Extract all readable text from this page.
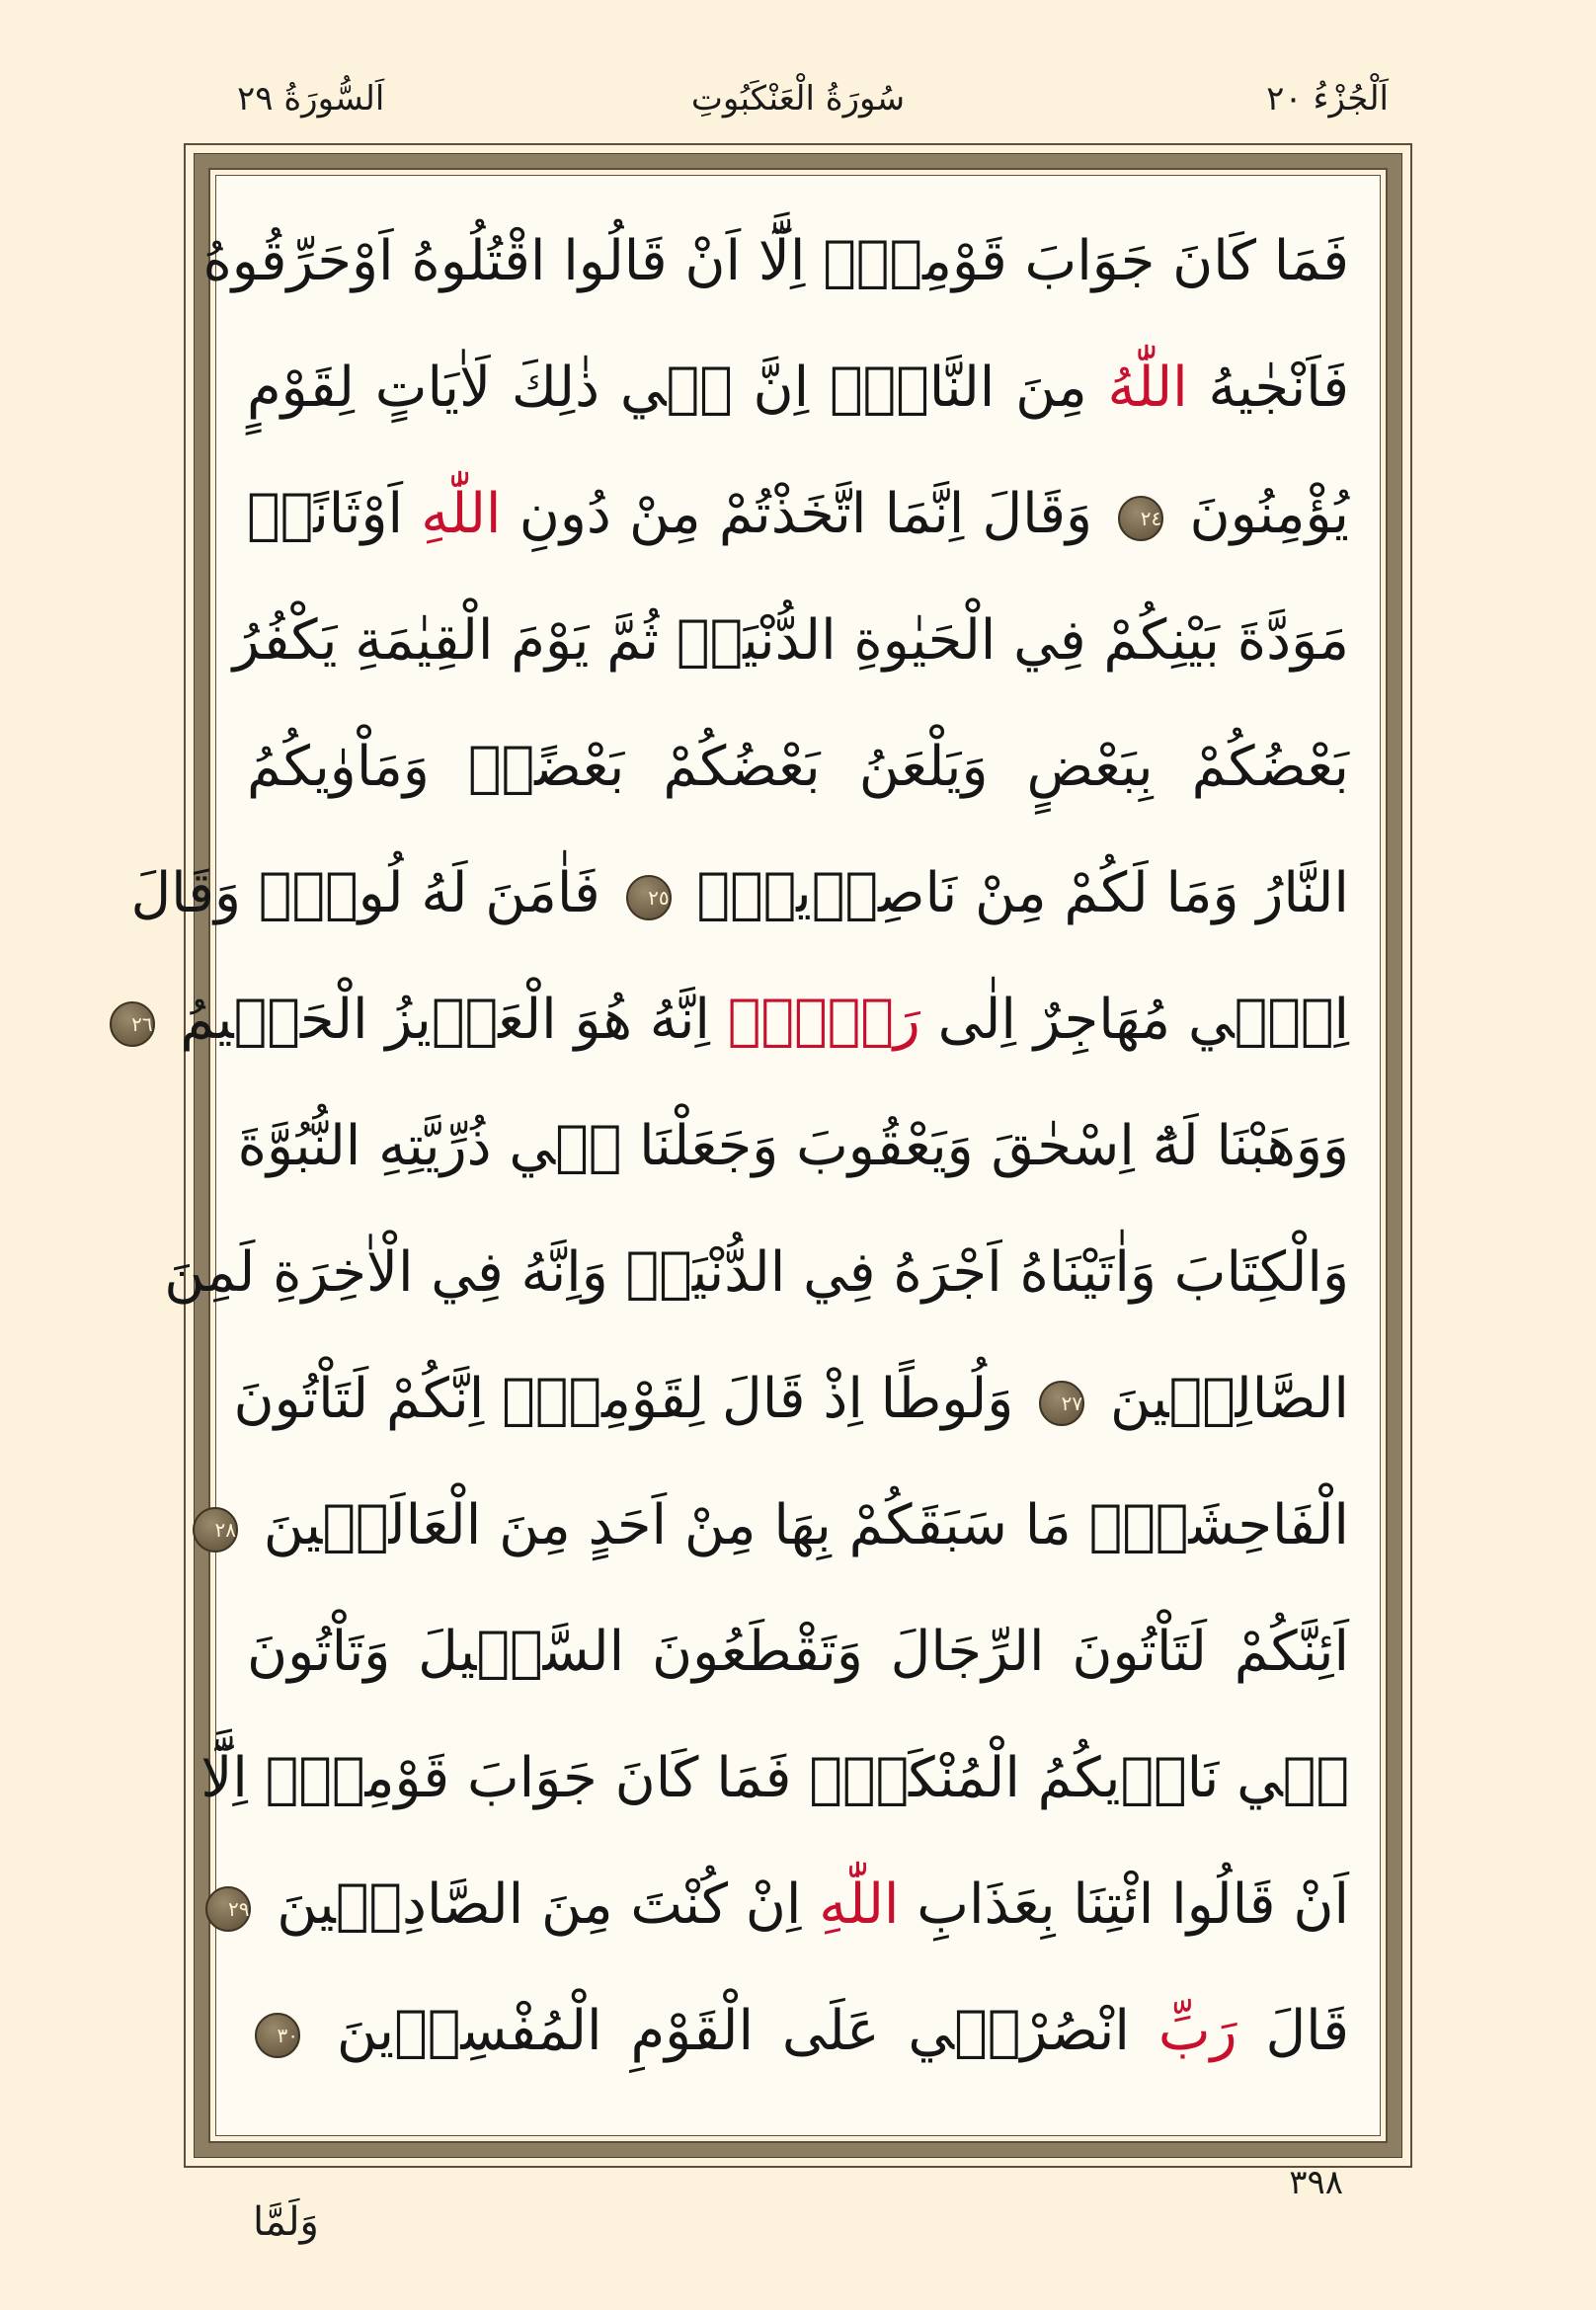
اَلْجُزْءُ ٢٠
سُورَةُ الْعَنْكَبُوتِ
اَلسُّورَةُ ٢٩
فَمَا كَانَ جَوَابَ قَوْمِهٖٓ اِلَّٓا اَنْ قَالُوا اقْتُلُوهُ اَوْحَرِّقُوهُ
فَاَنْجٰيهُ اللّٰهُ مِنَ النَّارِۜ اِنَّ فٖي ذٰلِكَ لَاٰيَاتٍ لِقَوْمٍ
يُؤْمِنُونَ ٢٤ وَقَالَ اِنَّمَا اتَّخَذْتُمْ مِنْ دُونِ اللّٰهِ اَوْثَانًاۙ
مَوَدَّةَ بَيْنِكُمْ فِي الْحَيٰوةِ الدُّنْيَاۚ ثُمَّ يَوْمَ الْقِيٰمَةِ يَكْفُرُ
بَعْضُكُمْ بِبَعْضٍ وَيَلْعَنُ بَعْضُكُمْ بَعْضًاۘ وَمَاْوٰيكُمُ
النَّارُ وَمَا لَكُمْ مِنْ نَاصِرٖينَۗ ٢٥ فَاٰمَنَ لَهُ لُوطٌۢ وَقَالَ
اِنّٖي مُهَاجِرٌ اِلٰى رَبّٖيۜ اِنَّهُ هُوَ الْعَزٖيزُ الْحَكٖيمُ ٢٦
وَوَهَبْنَا لَهُٓ اِسْحٰقَ وَيَعْقُوبَ وَجَعَلْنَا فٖي ذُرِّيَّتِهِ النُّبُوَّةَ
وَالْكِتَابَ وَاٰتَيْنَاهُ اَجْرَهُ فِي الدُّنْيَاۚ وَاِنَّهُ فِي الْاٰخِرَةِ لَمِنَ
الصَّالِحٖينَ ٢٧ وَلُوطًا اِذْ قَالَ لِقَوْمِهٖٓ اِنَّكُمْ لَتَاْتُونَ
الْفَاحِشَةَۘ مَا سَبَقَكُمْ بِهَا مِنْ اَحَدٍ مِنَ الْعَالَمٖينَ ٢٨
اَئِنَّكُمْ لَتَاْتُونَ الرِّجَالَ وَتَقْطَعُونَ السَّبٖيلَ وَتَاْتُونَ
فٖي نَادٖيكُمُ الْمُنْكَرَۜ فَمَا كَانَ جَوَابَ قَوْمِهٖٓ اِلَّٓا
اَنْ قَالُوا ائْتِنَا بِعَذَابِ اللّٰهِ اِنْ كُنْتَ مِنَ الصَّادِقٖينَ ٢٩
قَالَ رَبِّ انْصُرْنٖي عَلَى الْقَوْمِ الْمُفْسِدٖينَ ٣٠
٣٩٨
وَلَمَّا
